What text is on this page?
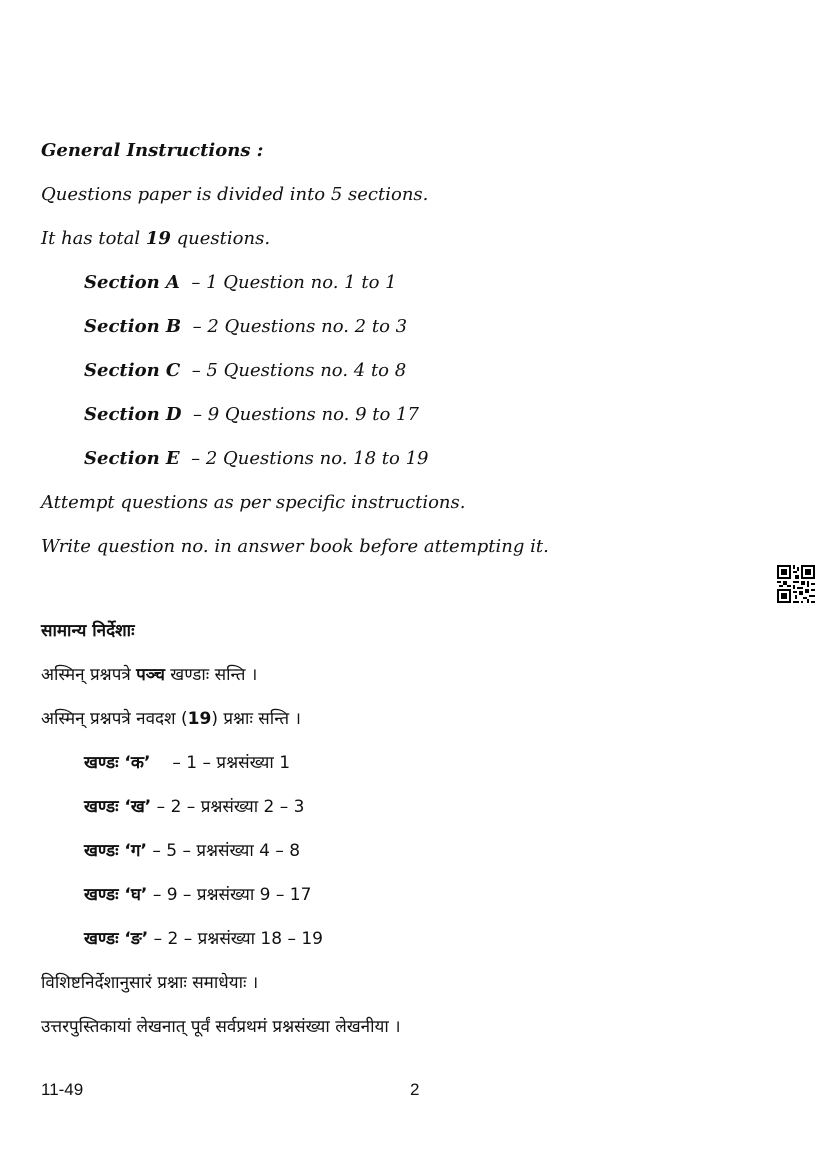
General Instructions :

Questions paper is divided into 5 sections.

It has total 19 questions.

Section A – 1 Question no. 1 to 1

Section B – 2 Questions no. 2 to 3

Section C – 5 Questions no. 4 to 8

Section D – 9 Questions no. 9 to 17

Section E – 2 Questions no. 18 to 19

Attempt questions as per specific instructions.

Write question no. in answer book before attempting it.

सामान्य निर्देशाः

अस्मिन् प्रश्नपत्रे पञ्च खण्डाः सन्ति ।

अस्मिन् प्रश्नपत्रे नवदश (19) प्रश्नाः सन्ति ।

खण्डः ‘क’ – 1 – प्रश्नसंख्या 1

खण्डः ‘ख’ – 2 – प्रश्नसंख्या 2 – 3

खण्डः ‘ग’ – 5 – प्रश्नसंख्या 4 – 8

खण्डः ‘घ’ – 9 – प्रश्नसंख्या 9 – 17

खण्डः ‘ङ’ – 2 – प्रश्नसंख्या 18 – 19

विशिष्टनिर्देशानुसारं प्रश्नाः समाधेयाः ।

उत्तरपुस्तिकायां लेखनात् पूर्वं सर्वप्रथमं प्रश्नसंख्या लेखनीया ।

11-49	2
